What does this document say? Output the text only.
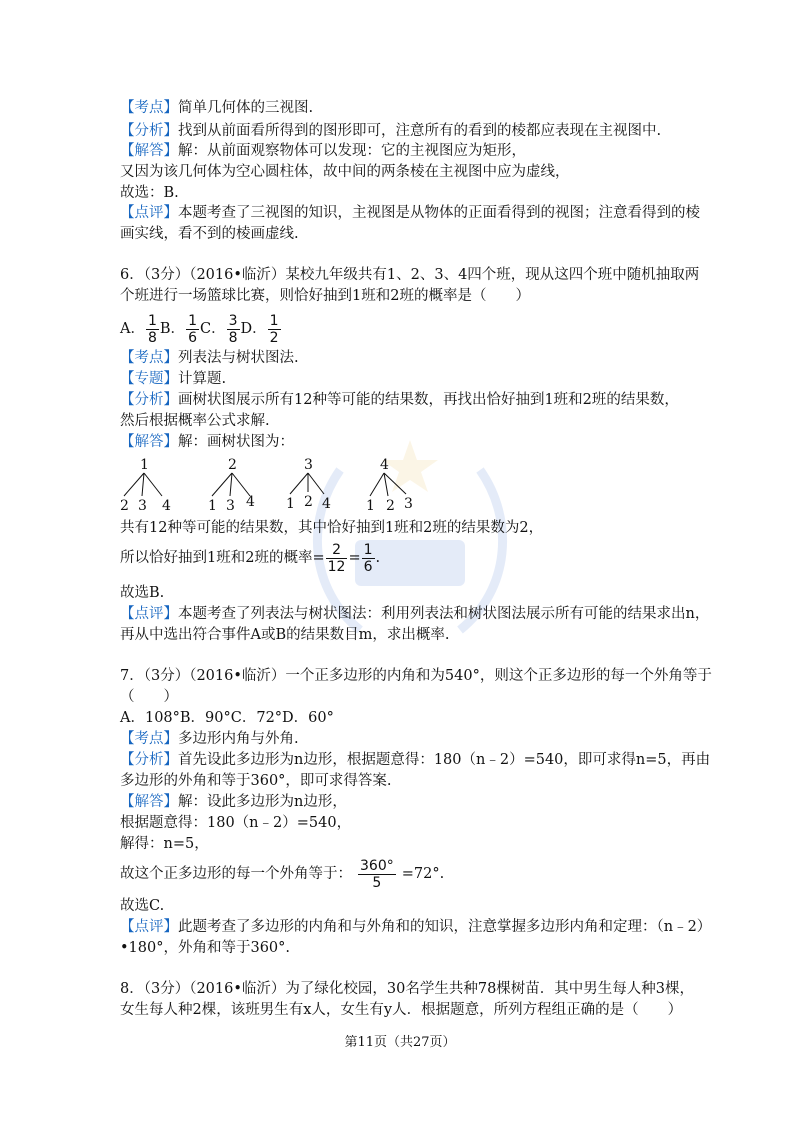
【考点】简单几何体的三视图.
【分析】找到从前面看所得到的图形即可，注意所有的看到的棱都应表现在主视图中.
【解答】解：从前面观察物体可以发现：它的主视图应为矩形，
又因为该几何体为空心圆柱体，故中间的两条棱在主视图中应为虚线，
故选：B.
【点评】本题考查了三视图的知识，主视图是从物体的正面看得到的视图；注意看得到的棱
画实线，看不到的棱画虚线.
6．（3分）（2016•临沂）某校九年级共有1、2、3、4四个班，现从这四个班中随机抽取两
个班进行一场篮球比赛，则恰好抽到1班和2班的概率是（　　）
A． $\frac{1}{8}$ B． $\frac{1}{6}$ C． $\frac{3}{8}$ D． $\frac{1}{2}$
【考点】列表法与树状图法.
【专题】计算题.
【分析】画树状图展示所有12种等可能的结果数，再找出恰好抽到1班和2班的结果数，
然后根据概率公式求解.
【解答】解：画树状图为：
1
2 3 4
2
1 3 4
3
1 2 4
4
1 2 3
共有12种等可能的结果数，其中恰好抽到1班和2班的结果数为2，
所以恰好抽到1班和2班的概率= $\frac{2}{12} = \frac{1}{6}$ .
故选B.
【点评】本题考查了列表法与树状图法：利用列表法和树状图法展示所有可能的结果求出n，
再从中选出符合事件A或B的结果数目m，求出概率.
7．（3分）（2016•临沂）一个正多边形的内角和为540°，则这个正多边形的每一个外角等于
（　　）
A．108°B．90°C．72°D．60°
【考点】多边形内角与外角.
【分析】首先设此多边形为n边形，根据题意得：180（n﹣2）=540，即可求得n=5，再由
多边形的外角和等于360°，即可求得答案.
【解答】解：设此多边形为n边形，
根据题意得：180（n﹣2）=540，
解得：n=5，
故这个正多边形的每一个外角等于： $\frac{360^\circ}{5} =72^\circ$.
故选C.
【点评】此题考查了多边形的内角和与外角和的知识，注意掌握多边形内角和定理：（n﹣2）
•180°，外角和等于360°.
8．（3分）（2016•临沂）为了绿化校园，30名学生共种78棵树苗．其中男生每人种3棵，
女生每人种2棵，该班男生有x人，女生有y人．根据题意，所列方程组正确的是（　　）
第11页（共27页）
